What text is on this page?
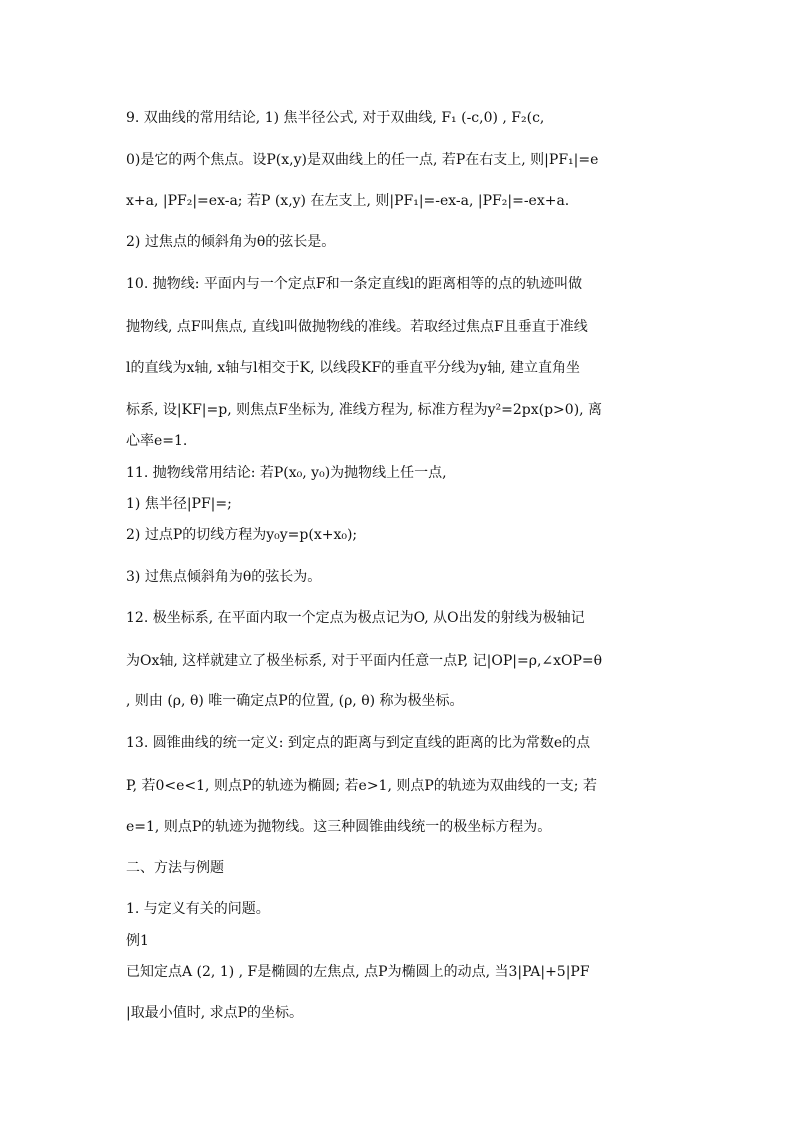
9. 双曲线的常用结论, 1) 焦半径公式, 对于双曲线, F₁ (-c,0) , F₂(c,
0)是它的两个焦点。设P(x,y)是双曲线上的任一点, 若P在右支上, 则|PF₁|=e
x+a, |PF₂|=ex-a; 若P (x,y) 在左支上, 则|PF₁|=-ex-a, |PF₂|=-ex+a.
2) 过焦点的倾斜角为θ的弦长是。
10. 抛物线: 平面内与一个定点F和一条定直线l的距离相等的点的轨迹叫做
抛物线, 点F叫焦点, 直线l叫做抛物线的准线。若取经过焦点F且垂直于准线
l的直线为x轴, x轴与l相交于K, 以线段KF的垂直平分线为y轴, 建立直角坐
标系, 设|KF|=p, 则焦点F坐标为, 准线方程为, 标准方程为y²=2px(p>0), 离
心率e=1.
11. 抛物线常用结论: 若P(x₀, y₀)为抛物线上任一点,
1) 焦半径|PF|=;
2) 过点P的切线方程为y₀y=p(x+x₀);
3) 过焦点倾斜角为θ的弦长为。
12. 极坐标系, 在平面内取一个定点为极点记为O, 从O出发的射线为极轴记
为Ox轴, 这样就建立了极坐标系, 对于平面内任意一点P, 记|OP|=ρ,∠xOP=θ
, 则由 (ρ, θ) 唯一确定点P的位置, (ρ, θ) 称为极坐标。
13. 圆锥曲线的统一定义: 到定点的距离与到定直线的距离的比为常数e的点
P, 若0<e<1, 则点P的轨迹为椭圆; 若e>1, 则点P的轨迹为双曲线的一支; 若
e=1, 则点P的轨迹为抛物线。这三种圆锥曲线统一的极坐标方程为。
二、方法与例题
1. 与定义有关的问题。
例1
已知定点A (2, 1) , F是椭圆的左焦点, 点P为椭圆上的动点, 当3|PA|+5|PF
|取最小值时, 求点P的坐标。
